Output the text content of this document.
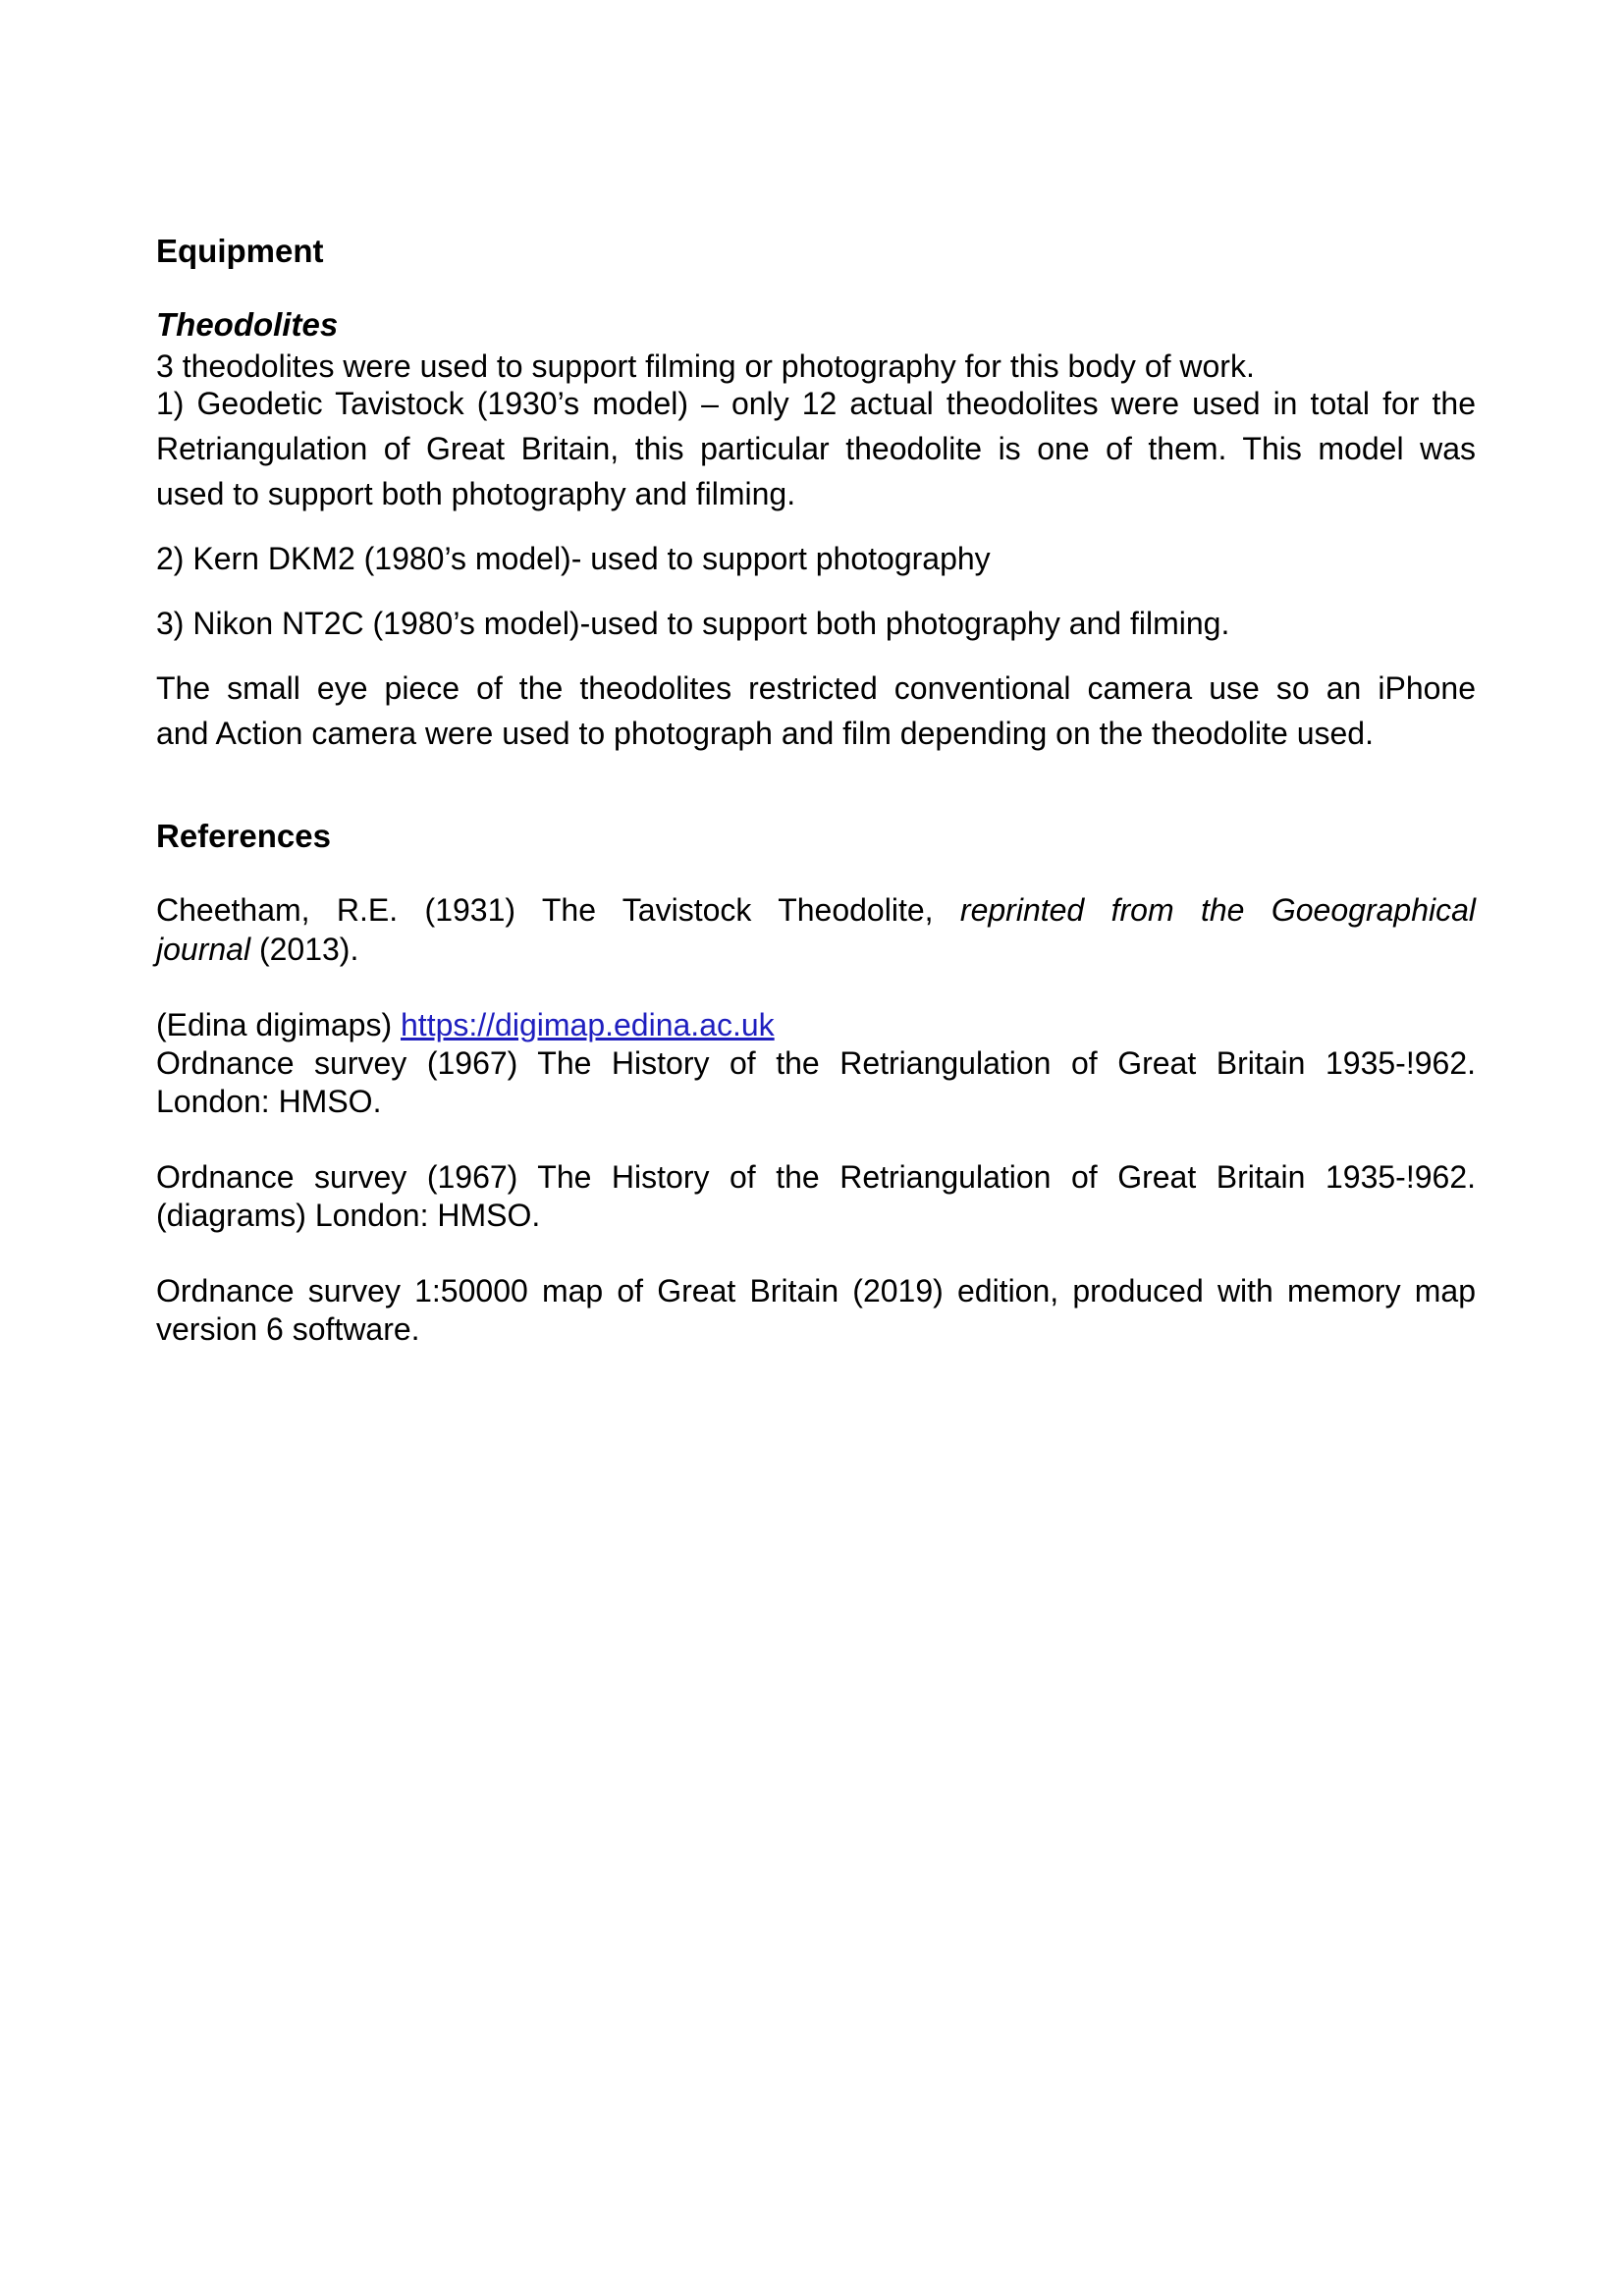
Equipment
Theodolites
3 theodolites were used to support filming or photography for this body of work.
1) Geodetic Tavistock (1930’s model) – only 12 actual theodolites were used in total for the
Retriangulation of Great Britain, this particular theodolite is one of them. This model was
used to support both photography and filming.
2) Kern DKM2 (1980’s model)- used to support photography
3) Nikon NT2C (1980’s model)-used to support both photography and filming.
The small eye piece of the theodolites restricted conventional camera use so an iPhone
and Action camera were used to photograph and film depending on the theodolite used.
References
Cheetham, R.E. (1931) The Tavistock Theodolite, reprinted from the Goeographical
journal (2013).
(Edina digimaps) https://digimap.edina.ac.uk
Ordnance survey (1967) The History of the Retriangulation of Great Britain 1935-!962.
London: HMSO.
Ordnance survey (1967) The History of the Retriangulation of Great Britain 1935-!962.
(diagrams) London: HMSO.
Ordnance survey 1:50000 map of Great Britain (2019) edition, produced with memory map
version 6 software.
